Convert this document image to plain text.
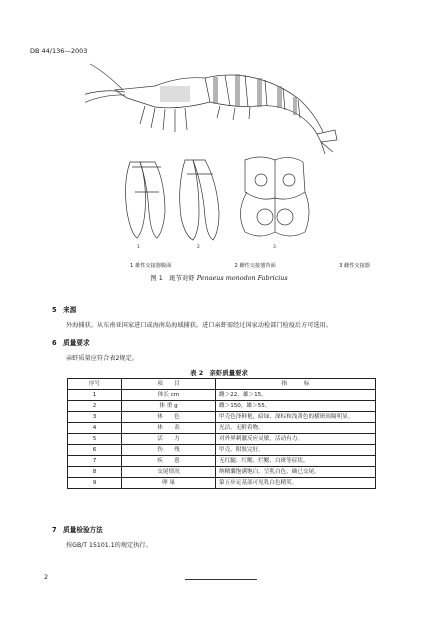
DB 44/136—2003
1	2	3
1 雄性交接器腹面	2 雌性交接器背面	3 雌性交接器
图 1　斑节对虾 Penaeus monodon Fabricius
5　来源
外海捕获。从东南亚国家进口或海南岛海域捕获。进口亲虾需经过国家动检部门检疫后方可选用。
6　质量要求
亲虾质量应符合表2规定。
表 2　亲虾质量要求
序号	项　　目	指　　　标
1	体长 cm	雌＞22，雄＞15。
2	体 重 g	雌＞150，雄＞55。
3	体　　色	甲壳色泽鲜艳，暗绿、深棕和浅黄色的横斑间隔明显。
4	体　　表	光洁，无附着物。
5	活　　力	对外界刺激反应灵敏，活动有力。
6	伤　　残	甲壳、附肢完好。
7	疾　　患	无红腿、红鳃、烂鳃、白斑等症状。
8	交尾情况	纳精囊饱满饱白，呈乳白色，确已交尾。
9	卵 巢	第五步足基部可见乳白色精荚。
7　质量检验方法
按GB/T 15101.1的规定执行。
2
